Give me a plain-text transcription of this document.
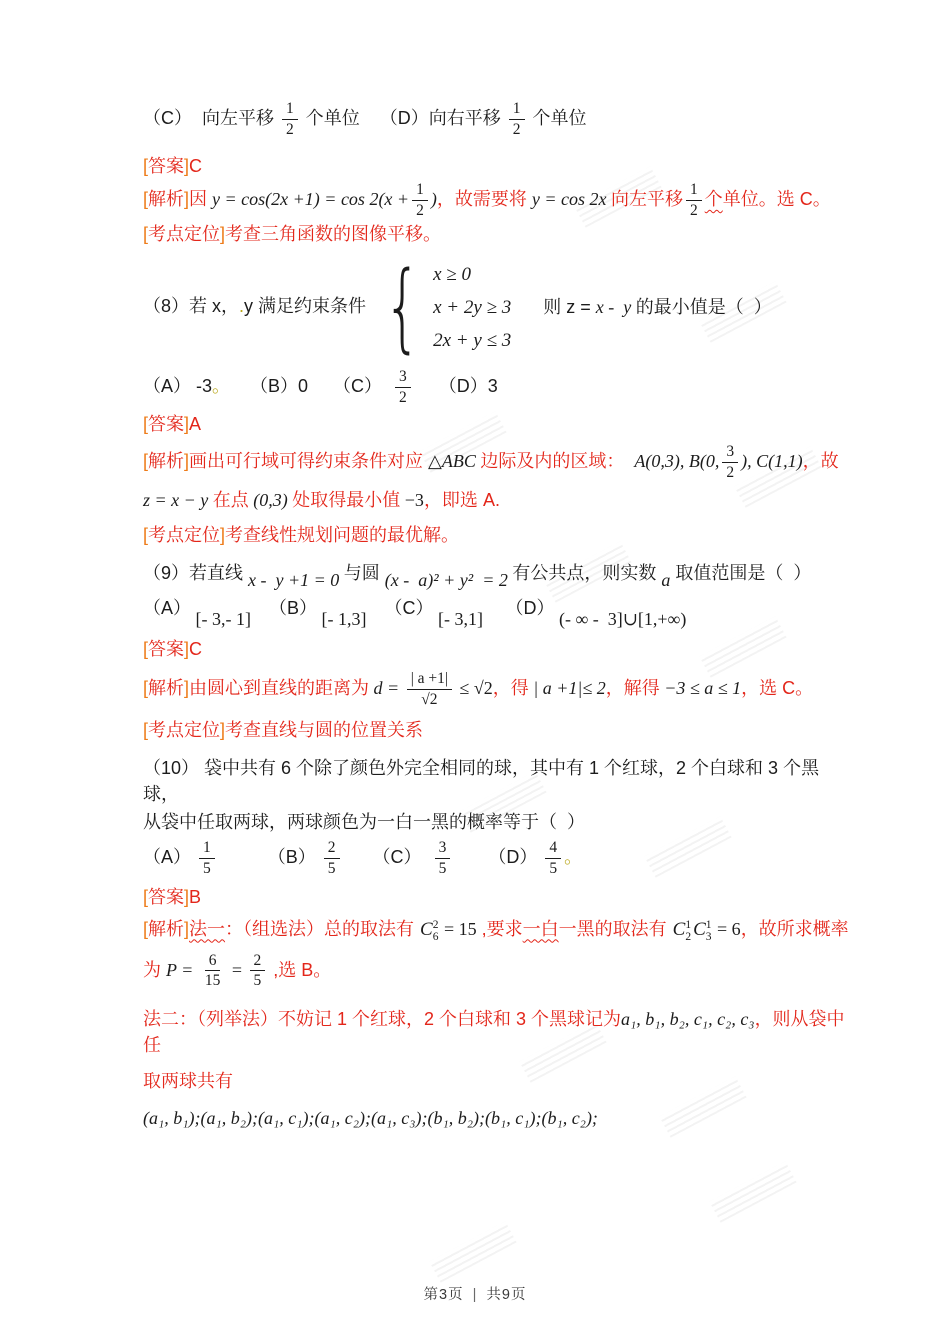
（C）  向左平移 $\frac{1}{2}$ 个单位    （D）向右平移 $\frac{1}{2}$ 个单位
[答案]C
[解析]因 $y = \cos(2x +1) = \cos 2(x + \frac{1}{2}$ )，故需要将 y = cos 2x 向左平移 $\frac{1}{2}$ 个单位。选 C。
[考点定位]考查三角函数的图像平移。
（8）若 x，.y 满足约束条件 { x ≥ 0
x + 2y ≥ 3
2x + y ≤ 3
则 z = x -  y 的最小值是（  ）
（A） -3。    （B）0     $(C) \frac{3}{2} (D)3$
[答案]A
[解析]画出可行域可得约束条件对应 △ABC 边际及内的区域：  A(0,3), B(0, $\frac{3}{2}$ ), C(1,1)，故
z = x − y 在点 (0,3) 处取得最小值 −3，即选 A.
[考点定位]考查线性规划问题的最优解。
（9）若直线 x -  y +1 = 0 与圆 (x -  a)² + y²  = 2 有公共点，则实数 a 取值范围是（  ）
（A） [- 3,- 1]    （B） [- 1,3]    （C） [- 3,1]     （D） (- ∞ -  3]∪[1,+∞)
[答案]C
[解析]由圆心到直线的距离为 $d = \frac{| a +1|}{√2} \le √2$，得 | a +1|≤ 2，解得 −3 ≤ a ≤ 1，选 C。
[考点定位]考查直线与圆的位置关系
（10） 袋中共有 6 个除了颜色外完全相同的球，其中有 1 个红球，2 个白球和 3 个黑球，
从袋中任取两球，两球颜色为一白一黑的概率等于（  ）
$(A) \frac{1}{5} (B) \frac{2}{5} (C) \frac{3}{5} (D) \frac{4}{5}$ 。
[答案]B
[解析]法一：（组选法）总的取法有 C 2
6 = 15 ,要求一白一黑的取法有 C 1
2 C 1
3 = 6，故所求概率
为 $P = \frac{6}{15} = \frac{2}{5}$ ,选 B。
法二：（列举法）不妨记 1 个红球，2 个白球和 3 个黑球记为a₁, b₁, b₂, c₁, c₂, c₃，则从袋中任
取两球共有
(a₁, b₁);(a₁, b₂);(a₁, c₁);(a₁, c₂);(a₁, c₃);(b₁, b₂);(b₁, c₁);(b₁, c₂);
第3页 | 共9页
